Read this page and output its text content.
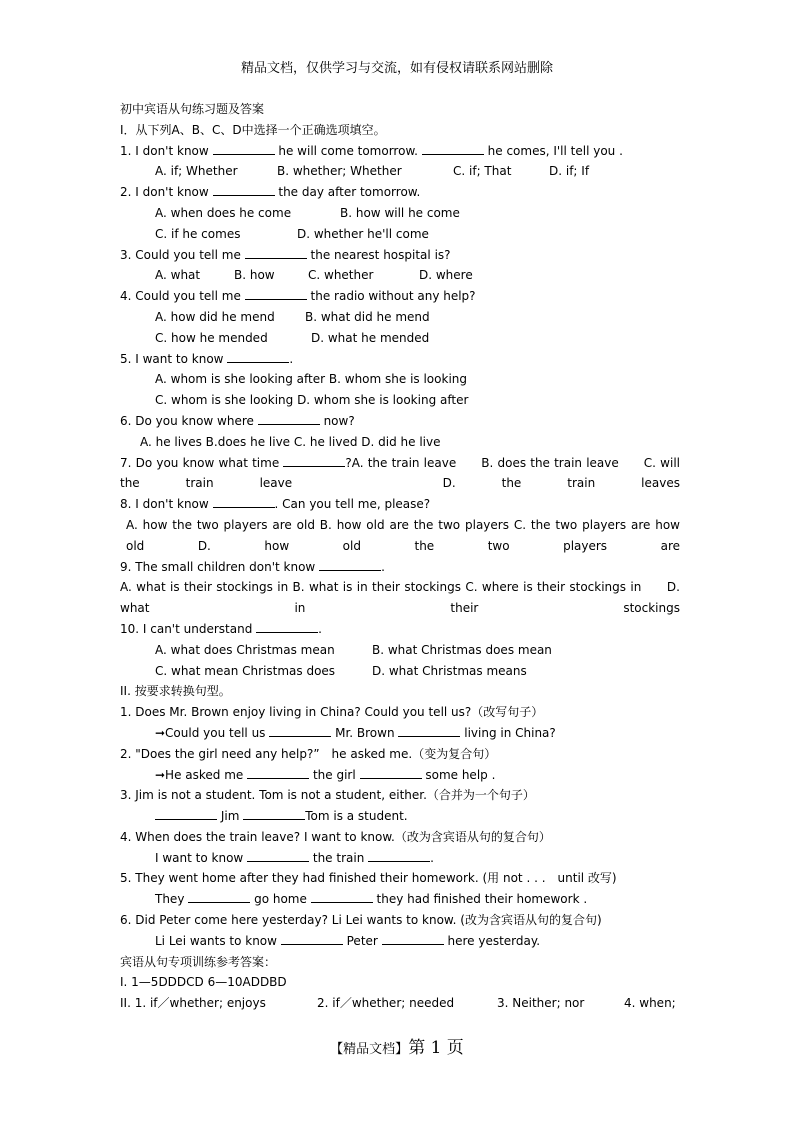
精品文档，仅供学习与交流，如有侵权请联系网站删除
初中宾语从句练习题及答案
I．从下列A、B、C、D中选择一个正确选项填空。
1. I don't know	he will come tomorrow.	he comes, I'll tell you .
A. if; Whether	B. whether; Whether	C. if; That	D. if; If
2. I don't know	the day after tomorrow.
A. when does he come	B. how will he come
C. if he comes	D. whether he'll come
3. Could you tell me	the nearest hospital is?
A. what	B. how	C. whether	D. where
4. Could you tell me	the radio without any help?
A. how did he mend	B. what did he mend
C. how he mended	D. what he mended
5. I want to know	.
A. whom is she looking after B. whom she is looking
C. whom is she looking D. whom she is looking after
6. Do you know where	now?
A. he lives B.does he live C. he lived D. did he live
7. Do you know what time	?A. the train leave　　B. does the train leave　　C. will the train leave　　D. the train leaves
8. I don't know	. Can you tell me, please?
A. how the two players are old B. how old are the two players C. the two players are how old D. how old the two players are
9. The small children don't know	.
A. what is their stockings in B. what is in their stockings C. where is their stockings in　　D. what in their stockings
10. I can't understand	.
A. what does Christmas mean	B. what Christmas does mean
C. what mean Christmas does	D. what Christmas means
II. 按要求转换句型。
1. Does Mr. Brown enjoy living in China? Could you tell us?（改写句子）
➞Could you tell us	Mr. Brown	living in China?
2. "Does the girl need any help?”　he asked me.（变为复合句）
➞He asked me	the girl	some help .
3. Jim is not a student. Tom is not a student, either.（合并为一个句子）
Jim	Tom is a student.
4. When does the train leave? I want to know.（改为含宾语从句的复合句）
I want to know	the train	.
5. They went home after they had finished their homework. (用 not . . .　until 改写)
They	go home	they had finished their homework .
6. Did Peter come here yesterday? Li Lei wants to know. (改为含宾语从句的复合句)
Li Lei wants to know	Peter	here yesterday.
宾语从句专项训练参考答案：
I. 1—5DDDCD 6—10ADDBD
II. 1. if／whether; enjoys	2. if／whether; needed	3. Neither; nor	4. when;
【精品文档】第 1 页
